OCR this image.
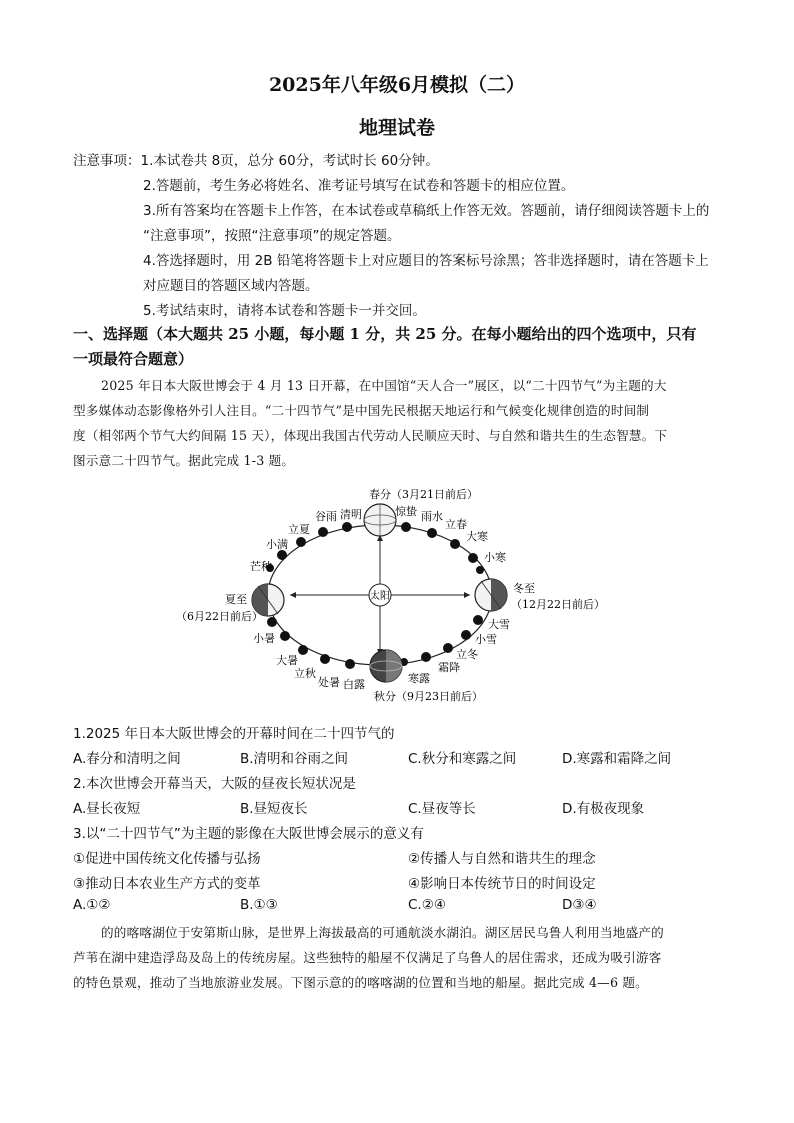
2025年八年级6月模拟（二）
地理试卷
注意事项：1.本试卷共 8页，总分 60分，考试时长 60分钟。
2.答题前，考生务必将姓名、准考证号填写在试卷和答题卡的相应位置。
3.所有答案均在答题卡上作答，在本试卷或草稿纸上作答无效。答题前，请仔细阅读答题卡上的
“注意事项”，按照“注意事项”的规定答题。
4.答选择题时，用 2B 铅笔将答题卡上对应题目的答案标号涂黑；答非选择题时，请在答题卡上
对应题目的答题区域内答题。
5.考试结束时，请将本试卷和答题卡一并交回。
一、选择题（本大题共 25 小题，每小题 1 分，共 25 分。在每小题给出的四个选项中，只有
一项最符合题意）
2025 年日本大阪世博会于 4 月 13 日开幕，在中国馆“天人合一”展区，以“二十四节气”为主题的大
型多媒体动态影像格外引人注目。“二十四节气”是中国先民根据天地运行和气候变化规律创造的时间制
度（相邻两个节气大约间隔 15 天），体现出我国古代劳动人民顺应天时、与自然和谐共生的生态智慧。下
图示意二十四节气。据此完成 1-3 题。
太阳
春分（3月21日前后）
夏至
（6月22日前后）
冬至
（12月22日前后）
秋分（9月23日前后）
谷雨 清明	惊蛰 雨水
立春
大寒
小寒
立夏
小满
芒种
小暑
大暑
立秋
处暑 白露	寒露
霜降
立冬
小雪
大雪
1.2025 年日本大阪世博会的开幕时间在二十四节气的
A.春分和清明之间	B.清明和谷雨之间	C.秋分和寒露之间	D.寒露和霜降之间
2.本次世博会开幕当天，大阪的昼夜长短状况是
A.昼长夜短	B.昼短夜长	C.昼夜等长	D.有极夜现象
3.以“二十四节气”为主题的影像在大阪世博会展示的意义有
①促进中国传统文化传播与弘扬	②传播人与自然和谐共生的理念
③推动日本农业生产方式的变革	④影响日本传统节日的时间设定
A.①②	B.①③	C.②④	D③④
的的喀喀湖位于安第斯山脉，是世界上海拔最高的可通航淡水湖泊。湖区居民乌鲁人利用当地盛产的
芦苇在湖中建造浮岛及岛上的传统房屋。这些独特的船屋不仅满足了乌鲁人的居住需求，还成为吸引游客
的特色景观，推动了当地旅游业发展。下图示意的的喀喀湖的位置和当地的船屋。据此完成 4—6 题。
